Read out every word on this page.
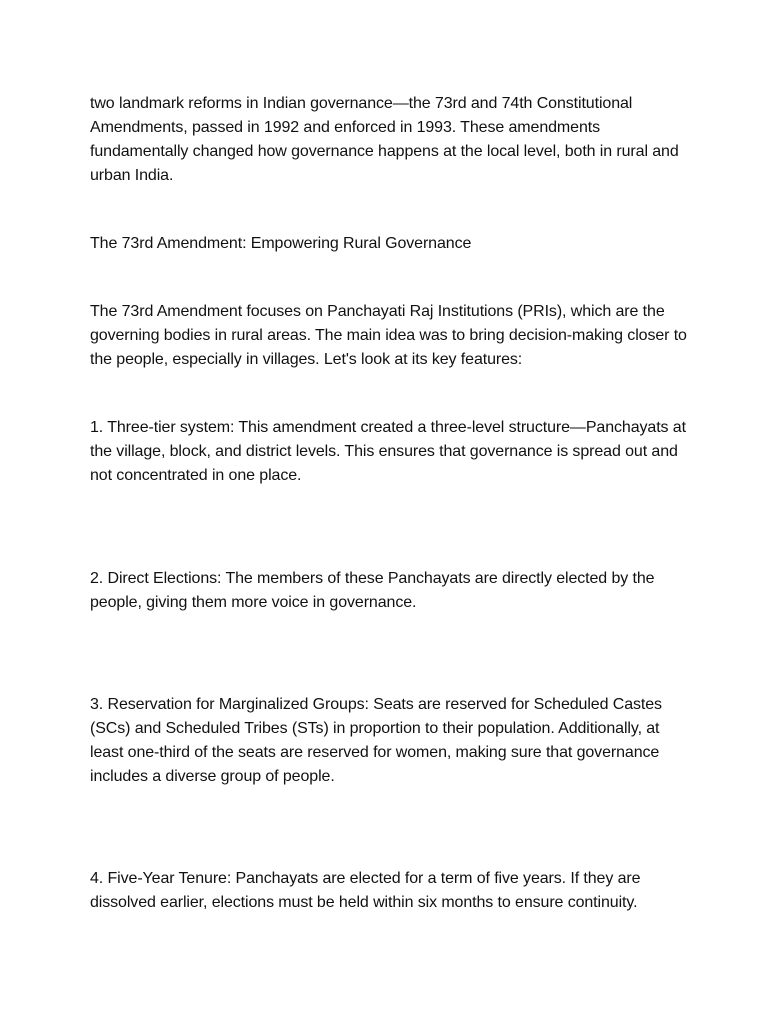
two landmark reforms in Indian governance—the 73rd and 74th Constitutional Amendments, passed in 1992 and enforced in 1993. These amendments fundamentally changed how governance happens at the local level, both in rural and urban India.

The 73rd Amendment: Empowering Rural Governance

The 73rd Amendment focuses on Panchayati Raj Institutions (PRIs), which are the governing bodies in rural areas. The main idea was to bring decision-making closer to the people, especially in villages. Let's look at its key features:

1. Three-tier system: This amendment created a three-level structure—Panchayats at the village, block, and district levels. This ensures that governance is spread out and not concentrated in one place.

2. Direct Elections: The members of these Panchayats are directly elected by the people, giving them more voice in governance.

3. Reservation for Marginalized Groups: Seats are reserved for Scheduled Castes (SCs) and Scheduled Tribes (STs) in proportion to their population. Additionally, at least one-third of the seats are reserved for women, making sure that governance includes a diverse group of people.

4. Five-Year Tenure: Panchayats are elected for a term of five years. If they are dissolved earlier, elections must be held within six months to ensure continuity.
